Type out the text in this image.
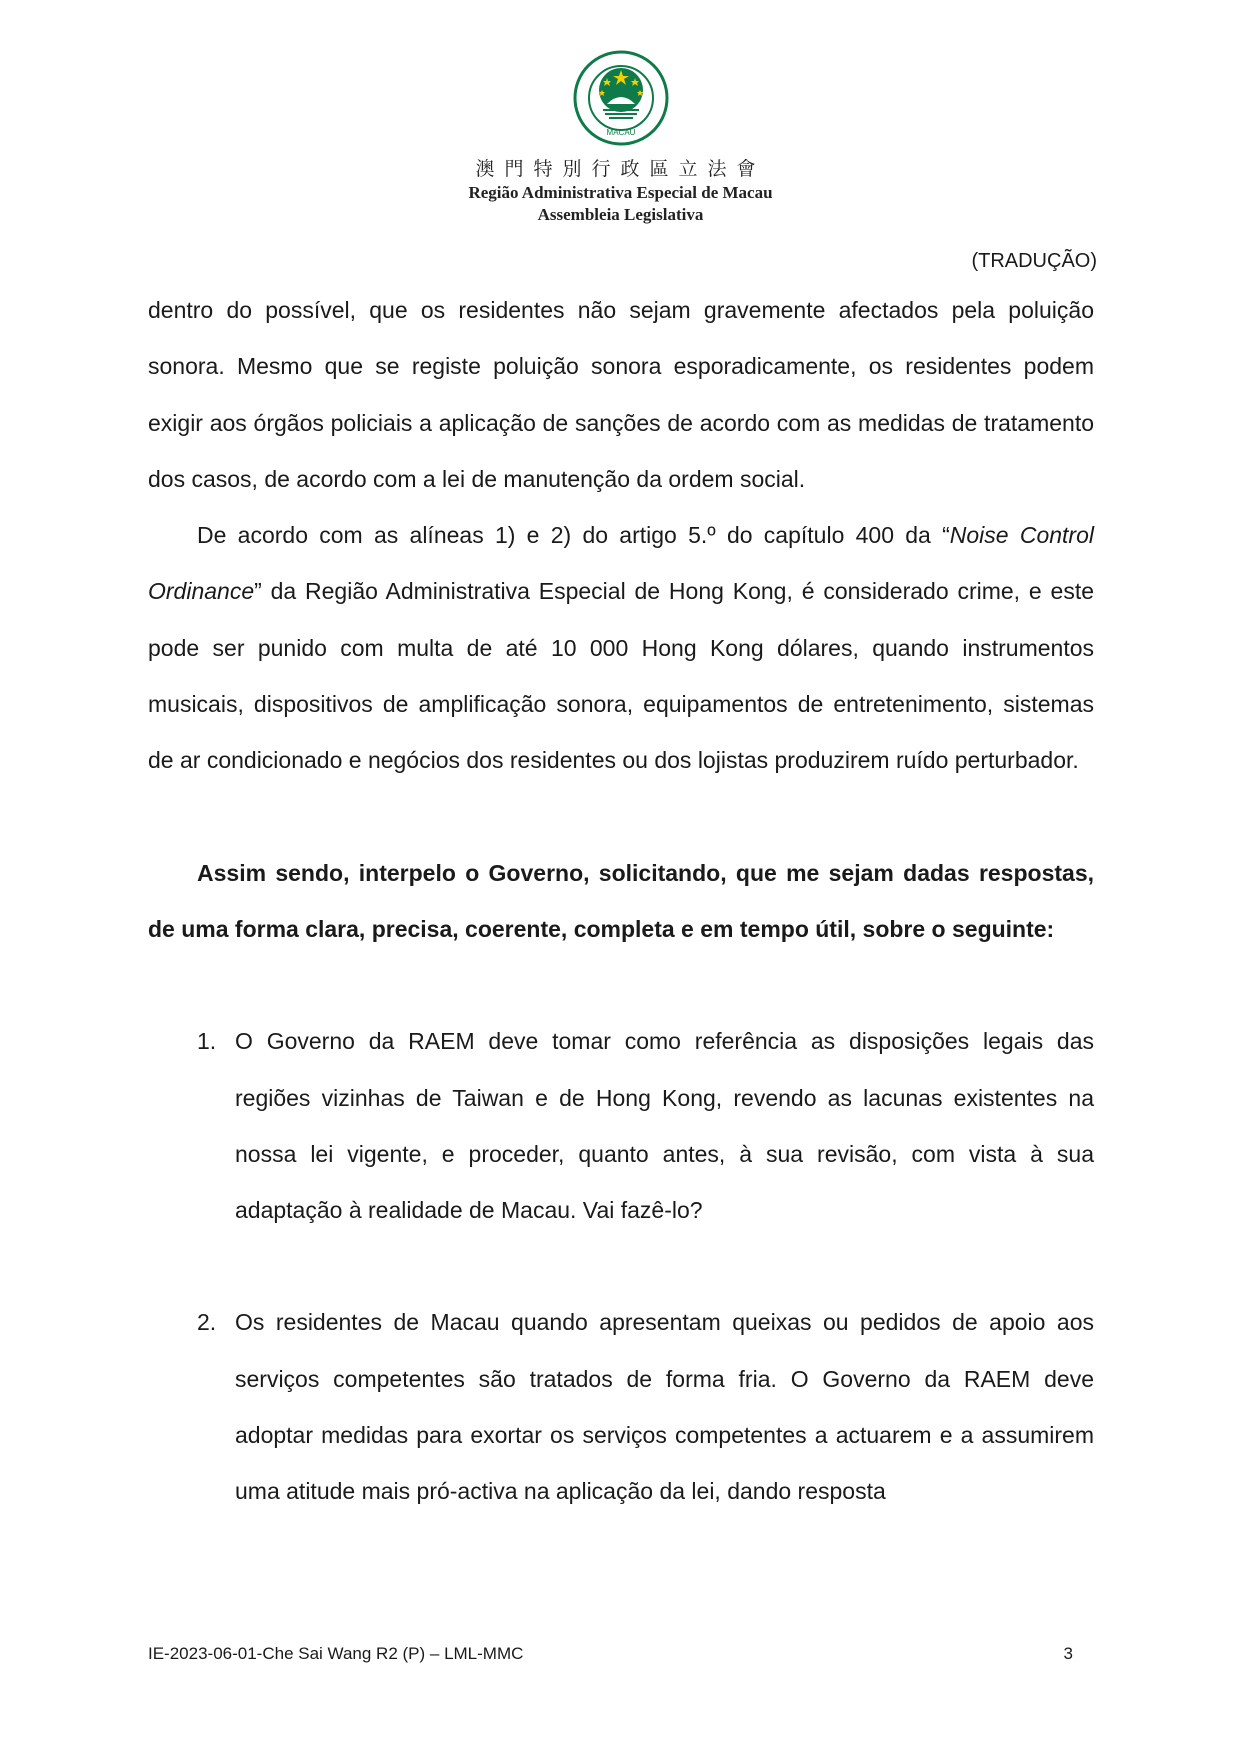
MACAU
澳門特別行政區立法會
Região Administrativa Especial de Macau
Assembleia Legislativa
(TRADUÇÃO)

dentro do possível, que os residentes não sejam gravemente afectados pela poluição sonora. Mesmo que se registe poluição sonora esporadicamente, os residentes podem exigir aos órgãos policiais a aplicação de sanções de acordo com as medidas de tratamento dos casos, de acordo com a lei de manutenção da ordem social.

De acordo com as alíneas 1) e 2) do artigo 5.º do capítulo 400 da “Noise Control Ordinance” da Região Administrativa Especial de Hong Kong, é considerado crime, e este pode ser punido com multa de até 10 000 Hong Kong dólares, quando instrumentos musicais, dispositivos de amplificação sonora, equipamentos de entretenimento, sistemas de ar condicionado e negócios dos residentes ou dos lojistas produzirem ruído perturbador.

Assim sendo, interpelo o Governo, solicitando, que me sejam dadas respostas, de uma forma clara, precisa, coerente, completa e em tempo útil, sobre o seguinte:

1. O Governo da RAEM deve tomar como referência as disposições legais das regiões vizinhas de Taiwan e de Hong Kong, revendo as lacunas existentes na nossa lei vigente, e proceder, quanto antes, à sua revisão, com vista à sua adaptação à realidade de Macau. Vai fazê-lo?
2. Os residentes de Macau quando apresentam queixas ou pedidos de apoio aos serviços competentes são tratados de forma fria. O Governo da RAEM deve adoptar medidas para exortar os serviços competentes a actuarem e a assumirem uma atitude mais pró-activa na aplicação da lei, dando resposta
IE-2023-06-01-Che Sai Wang R2 (P) – LML-MMC	3
